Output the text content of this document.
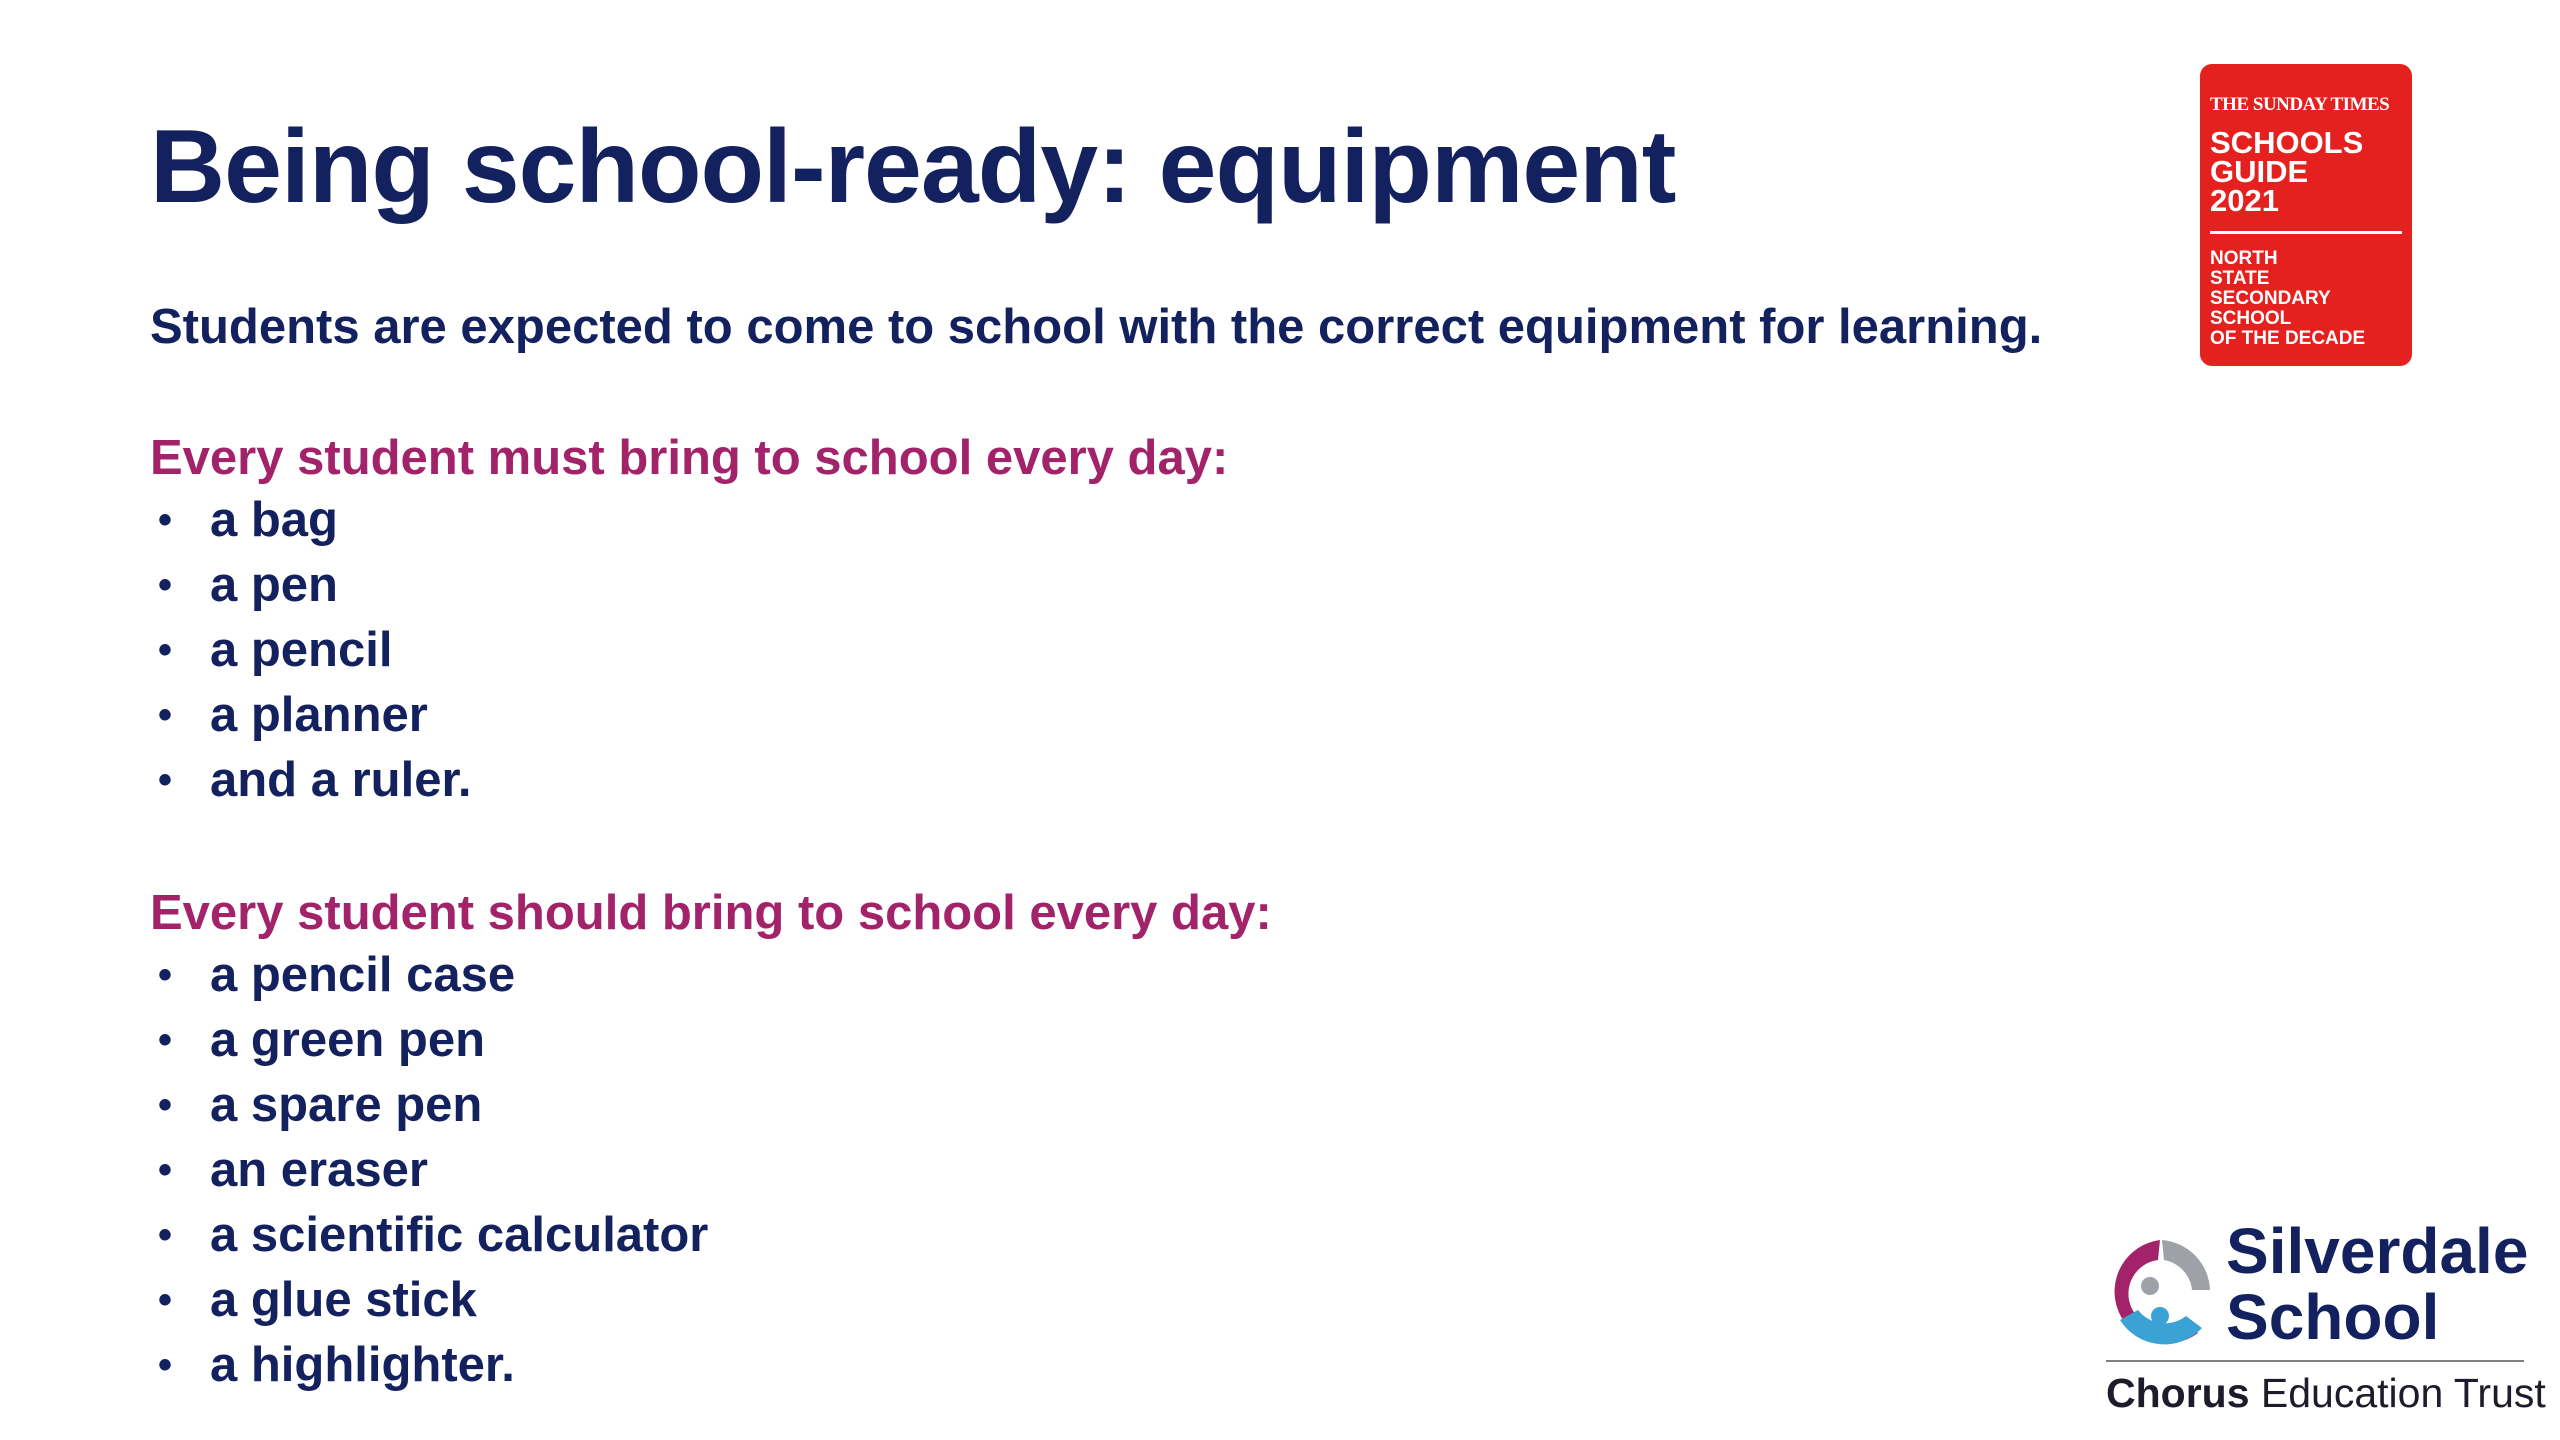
Being school-ready: equipment
Students are expected to come to school with the correct equipment for learning.

Every student must bring to school every day:

• a bag
• a pen
• a pencil
• a planner
• and a ruler.

Every student should bring to school every day:

• a pencil case
• a green pen
• a spare pen
• an eraser
• a scientific calculator
• a glue stick
• a highlighter.
THE SUNDAY TIMES
SCHOOLS
GUIDE
2021
NORTH
STATE
SECONDARY
SCHOOL
OF THE DECADE
Silverdale
School
Chorus Education Trust
